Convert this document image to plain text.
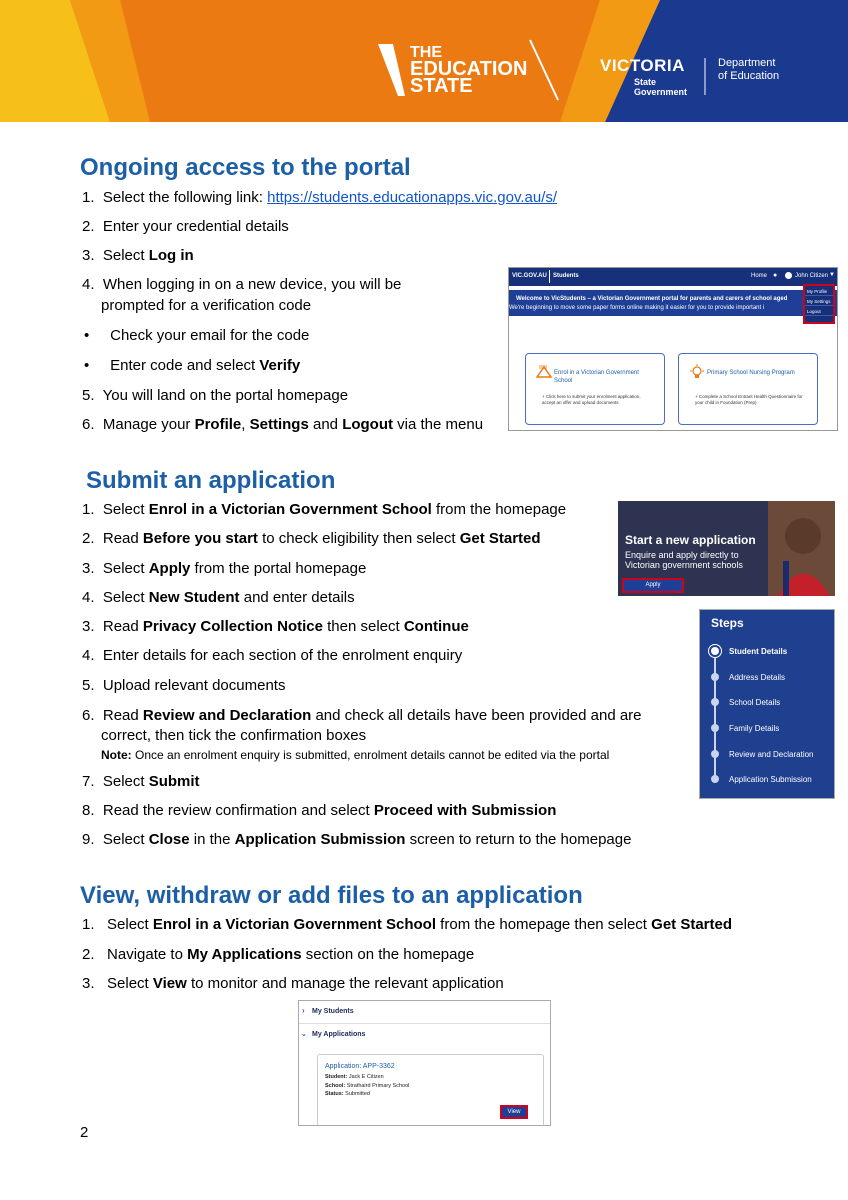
THE
EDUCATION
STATE
VICTORIA
State
Government
Department
of Education
Ongoing access to the portal
1. Select the following link: https://students.educationapps.vic.gov.au/s/
2. Enter your credential details
3. Select Log in
4. When logging in on a new device, you will be
prompted for a verification code
• Check your email for the code
• Enter code and select Verify
5. You will land on the portal homepage
6. Manage your Profile, Settings and Logout via the menu
VIC.GOV.AU Students	Home ●	John Citizen ▼
Welcome to VicStudents – a Victorian Government portal for parents and carers of school aged
We're beginning to move some paper forms online making it easier for you to provide important i
My Profile
My Settings
Logout
Enrol in a Victorian Government School
+ Click here to submit your enrolment application, accept an offer and upload documents
Primary School Nursing Program
+ Complete a School Entrant Health Questionnaire for your child in Foundation (Prep)
Submit an application
1. Select Enrol in a Victorian Government School from the homepage
2. Read Before you start to check eligibility then select Get Started
3. Select Apply from the portal homepage
4. Select New Student and enter details
3. Read Privacy Collection Notice then select Continue
4. Enter details for each section of the enrolment enquiry
5. Upload relevant documents
6. Read Review and Declaration and check all details have been provided and are
correct, then tick the confirmation boxes
Note: Once an enrolment enquiry is submitted, enrolment details cannot be edited via the portal
7. Select Submit
8. Read the review confirmation and select Proceed with Submission
9. Select Close in the Application Submission screen to return to the homepage
Start a new application
Enquire and apply directly to
Victorian government schools
Apply
Steps
Student Details
Address Details
School Details
Family Details
Review and Declaration
Application Submission
View, withdraw or add files to an application
1. Select Enrol in a Victorian Government School from the homepage then select Get Started
2. Navigate to My Applications section on the homepage
3. Select View to monitor and manage the relevant application
› My Students
⌄ My Applications
Application: APP-3362
Student: Jack E Citizen
School: Strathaird Primary School
Status: Submitted
View
2
